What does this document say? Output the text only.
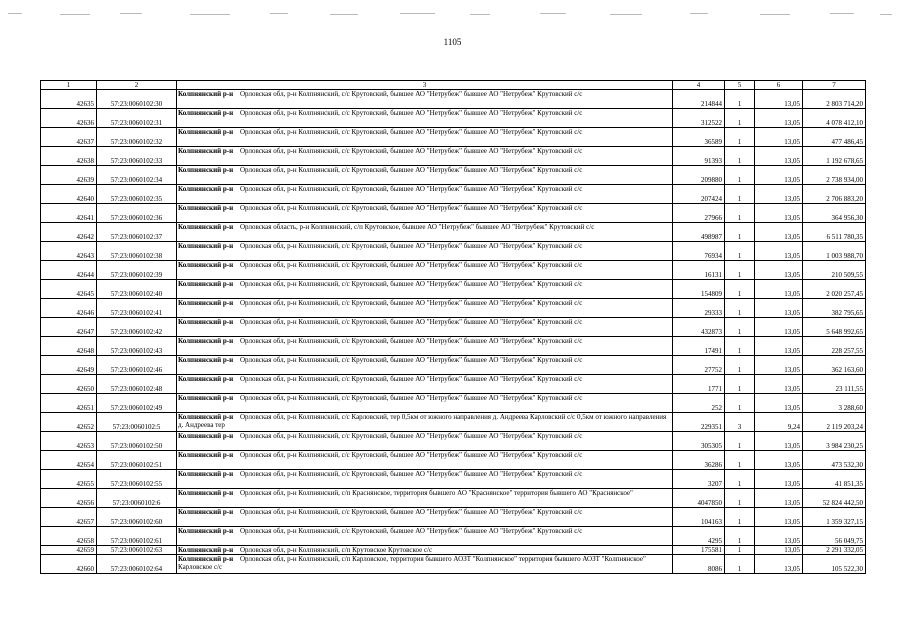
1105
1	2	3	4	5	6	7
42635	57:23:0060102:30	Колпнянский р-н Орловская обл, р-н Колпнянский, с/с Крутовский, бывшее АО "Нетрубеж" бывшее АО "Нетрубеж" Крутовский с/с	214844	1	13,05	2 803 714,20
42636	57:23:0060102:31	Колпнянский р-н Орловская обл, р-н Колпнянский, с/с Крутовский, бывшее АО "Нетрубеж" бывшее АО "Нетрубеж" Крутовский с/с	312522	1	13,05	4 078 412,10
42637	57:23:0060102:32	Колпнянский р-н Орловская обл, р-н Колпнянский, с/с Крутовский, бывшее АО "Нетрубеж" бывшее АО "Нетрубеж" Крутовский с/с	36589	1	13,05	477 486,45
42638	57:23:0060102:33	Колпнянский р-н Орловская обл, р-н Колпнянский, с/с Крутовский, бывшее АО "Нетрубеж" бывшее АО "Нетрубеж" Крутовский с/с	91393	1	13,05	1 192 678,65
42639	57:23:0060102:34	Колпнянский р-н Орловская обл, р-н Колпнянский, с/с Крутовский, бывшее АО "Нетрубеж" бывшее АО "Нетрубеж" Крутовский с/с	209880	1	13,05	2 738 934,00
42640	57:23:0060102:35	Колпнянский р-н Орловская обл, р-н Колпнянский, с/с Крутовский, бывшее АО "Нетрубеж" бывшее АО "Нетрубеж" Крутовский с/с	207424	1	13,05	2 706 883,20
42641	57:23:0060102:36	Колпнянский р-н Орловская обл, р-н Колпнянский, с/с Крутовский, бывшее АО "Нетрубеж" бывшее АО "Нетрубеж" Крутовский с/с	27966	1	13,05	364 956,30
42642	57:23:0060102:37	Колпнянский р-н Орловская область, р-н Колпнянский, с/п Крутовское, бывшее АО "Нетрубеж" бывшее АО "Нетрубеж" Крутовский с/с	498987	1	13,05	6 511 780,35
42643	57:23:0060102:38	Колпнянский р-н Орловская обл, р-н Колпнянский, с/с Крутовский, бывшее АО "Нетрубеж" бывшее АО "Нетрубеж" Крутовский с/с	76934	1	13,05	1 003 988,70
42644	57:23:0060102:39	Колпнянский р-н Орловская обл, р-н Колпнянский, с/с Крутовский, бывшее АО "Нетрубеж" бывшее АО "Нетрубеж" Крутовский с/с	16131	1	13,05	210 509,55
42645	57:23:0060102:40	Колпнянский р-н Орловская обл, р-н Колпнянский, с/с Крутовский, бывшее АО "Нетрубеж" бывшее АО "Нетрубеж" Крутовский с/с	154809	1	13,05	2 020 257,45
42646	57:23:0060102:41	Колпнянский р-н Орловская обл, р-н Колпнянский, с/с Крутовский, бывшее АО "Нетрубеж" бывшее АО "Нетрубеж" Крутовский с/с	29333	1	13,05	382 795,65
42647	57:23:0060102:42	Колпнянский р-н Орловская обл, р-н Колпнянский, с/с Крутовский, бывшее АО "Нетрубеж" бывшее АО "Нетрубеж" Крутовский с/с	432873	1	13,05	5 648 992,65
42648	57:23:0060102:43	Колпнянский р-н Орловская обл, р-н Колпнянский, с/с Крутовский, бывшее АО "Нетрубеж" бывшее АО "Нетрубеж" Крутовский с/с	17491	1	13,05	228 257,55
42649	57:23:0060102:46	Колпнянский р-н Орловская обл, р-н Колпнянский, с/с Крутовский, бывшее АО "Нетрубеж" бывшее АО "Нетрубеж" Крутовский с/с	27752	1	13,05	362 163,60
42650	57:23:0060102:48	Колпнянский р-н Орловская обл, р-н Колпнянский, с/с Крутовский, бывшее АО "Нетрубеж" бывшее АО "Нетрубеж" Крутовский с/с	1771	1	13,05	23 111,55
42651	57:23:0060102:49	Колпнянский р-н Орловская обл, р-н Колпнянский, с/с Крутовский, бывшее АО "Нетрубеж" бывшее АО "Нетрубеж" Крутовский с/с	252	1	13,05	3 288,60
42652	57:23:0060102:5	Колпнянский р-н Орловская обл, р-н Колпнянский, с/с Карловский, тер 0,5км от южного направления д. Андреева Карловский с/с 0,5км от южного направления д. Андреева тер	229351	3	9,24	2 119 203,24
42653	57:23:0060102:50	Колпнянский р-н Орловская обл, р-н Колпнянский, с/с Крутовский, бывшее АО "Нетрубеж" бывшее АО "Нетрубеж" Крутовский с/с	305305	1	13,05	3 984 230,25
42654	57:23:0060102:51	Колпнянский р-н Орловская обл, р-н Колпнянский, с/с Крутовский, бывшее АО "Нетрубеж" бывшее АО "Нетрубеж" Крутовский с/с	36286	1	13,05	473 532,30
42655	57:23:0060102:55	Колпнянский р-н Орловская обл, р-н Колпнянский, с/с Крутовский, бывшее АО "Нетрубеж" бывшее АО "Нетрубеж" Крутовский с/с	3207	1	13,05	41 851,35
42656	57:23:0060102:6	Колпнянский р-н Орловская обл, р-н Колпнянский, с/п Краснянское, территория бывшего АО "Краснянское" территория бывшего АО "Краснянское"	4047850	1	13,05	52 824 442,50
42657	57:23:0060102:60	Колпнянский р-н Орловская обл, р-н Колпнянский, с/с Крутовский, бывшее АО "Нетрубеж" бывшее АО "Нетрубеж" Крутовский с/с	104163	1	13,05	1 359 327,15
42658	57:23:0060102:61	Колпнянский р-н Орловская обл, р-н Колпнянский, с/с Крутовский, бывшее АО "Нетрубеж" бывшее АО "Нетрубеж" Крутовский с/с	4295	1	13,05	56 049,75
42659	57:23:0060102:63	Колпнянский р-н Орловская обл, р-н Колпнянский, с/п Крутовское Крутовское с/с	175581	1	13,05	2 291 332,05
42660	57:23:0060102:64	Колпнянский р-н Орловская обл, р-н Колпнянский, с/п Карловское, территория бывшего АОЗТ "Колпнянское" территория бывшего АОЗТ "Колпнянское" Карловское с/с	8086	1	13,05	105 522,30
